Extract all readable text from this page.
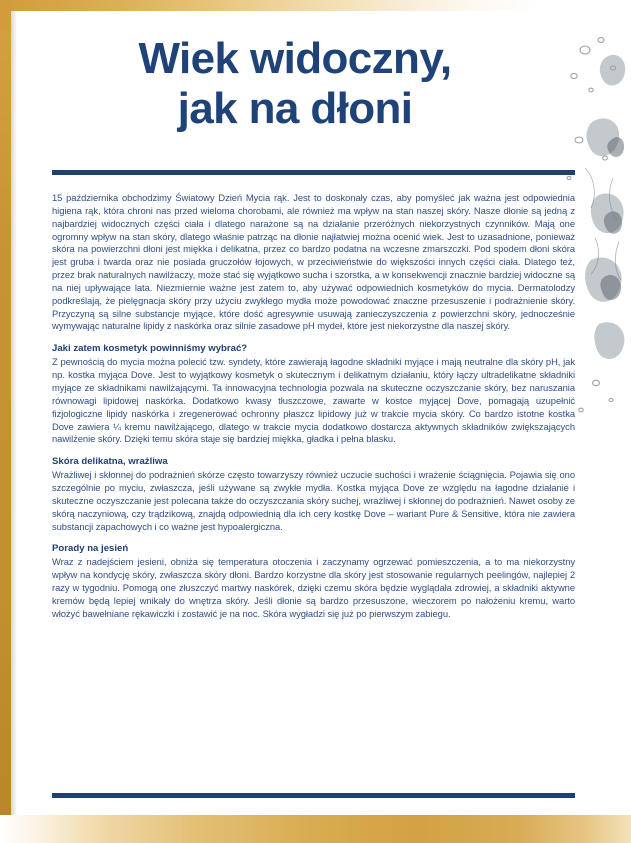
Wiek widoczny,
jak na dłoni

15 października obchodzimy Światowy Dzień Mycia rąk. Jest to doskonały czas, aby pomyśleć jak ważna jest odpowiednia higiena rąk, która chroni nas przed wieloma chorobami, ale również ma wpływ na stan naszej skóry. Nasze dłonie są jedną z najbardziej widocznych części ciała i dlatego narażone są na działanie przeróżnych niekorzystnych czynników. Mają one ogromny wpływ na stan skóry, dlatego właśnie patrząc na dłonie najłatwiej można ocenić wiek. Jest to uzasadnione, ponieważ skóra na powierzchni dłoni jest miękka i delikatna, przez co bardzo podatna na wczesne zmarszczki. Pod spodem dłoni skóra jest gruba i twarda oraz nie posiada gruczołów łojowych, w przeciwieństwie do większości innych części ciała. Dlatego też, przez brak naturalnych nawilżaczy, może stać się wyjątkowo sucha i szorstka, a w konsekwencji znacznie bardziej widoczne są na niej upływające lata. Niezmiernie ważne jest zatem to, aby używać odpowiednich kosmetyków do mycia. Dermatolodzy podkreślają, że pielęgnacja skóry przy użyciu zwykłego mydła może powodować znaczne przesuszenie i podrażnienie skóry. Przyczyną są silne substancje myjące, które dość agresywnie usuwają zanieczyszczenia z powierzchni skóry, jednocześnie wymywając naturalne lipidy z naskórka oraz silnie zasadowe pH mydeł, które jest niekorzystne dla naszej skóry.

Jaki zatem kosmetyk powinniśmy wybrać?

Z pewnością do mycia można polecić tzw. syndety, które zawierają łagodne składniki myjące i mają neutralne dla skóry pH, jak np. kostka myjąca Dove. Jest to wyjątkowy kosmetyk o skutecznym i delikatnym działaniu, który łączy ultradelikatne składniki myjące ze składnikami nawilżającymi. Ta innowacyjna technologia pozwala na skuteczne oczyszczanie skóry, bez naruszania równowagi lipidowej naskórka. Dodatkowo kwasy tłuszczowe, zawarte w kostce myjącej Dove, pomagają uzupełnić fizjologiczne lipidy naskórka i zregenerować ochronny płaszcz lipidowy już w trakcie mycia skóry. Co bardzo istotne kostka Dove zawiera ¼ kremu nawilżającego, dlatego w trakcie mycia dodatkowo dostarcza aktywnych składników zwiększających nawilżenie skóry. Dzięki temu skóra staje się bardziej miękka, gładka i pełna blasku.

Skóra delikatna, wrażliwa

Wrażliwej i skłonnej do podrażnień skórze często towarzyszy również uczucie suchości i wrażenie ściągnięcia. Pojawia się ono szczególnie po myciu, zwłaszcza, jeśli używane są zwykłe mydła. Kostka myjąca Dove ze względu na łagodne działanie i skuteczne oczyszczanie jest polecana także do oczyszczania skóry suchej, wrażliwej i skłonnej do podrażnień. Nawet osoby ze skórą naczyniową, czy trądzikową, znajdą odpowiednią dla ich cery kostkę Dove – wariant Pure & Sensitive, która nie zawiera substancji zapachowych i co ważne jest hypoalergiczna.

Porady na jesień

Wraz z nadejściem jesieni, obniża się temperatura otoczenia i zaczynamy ogrzewać pomieszczenia, a to ma niekorzystny wpływ na kondycję skóry, zwłaszcza skóry dłoni. Bardzo korzystne dla skóry jest stosowanie regularnych peelingów, najlepiej 2 razy w tygodniu. Pomogą one złuszczyć martwy naskórek, dzięki czemu skóra będzie wyglądała zdrowiej, a składniki aktywne kremów będą lepiej wnikały do wnętrza skóry. Jeśli dłonie są bardzo przesuszone, wieczorem po nałożeniu kremu, warto włożyć bawełniane rękawiczki i zostawić je na noc. Skóra wygładzi się już po pierwszym zabiegu.
